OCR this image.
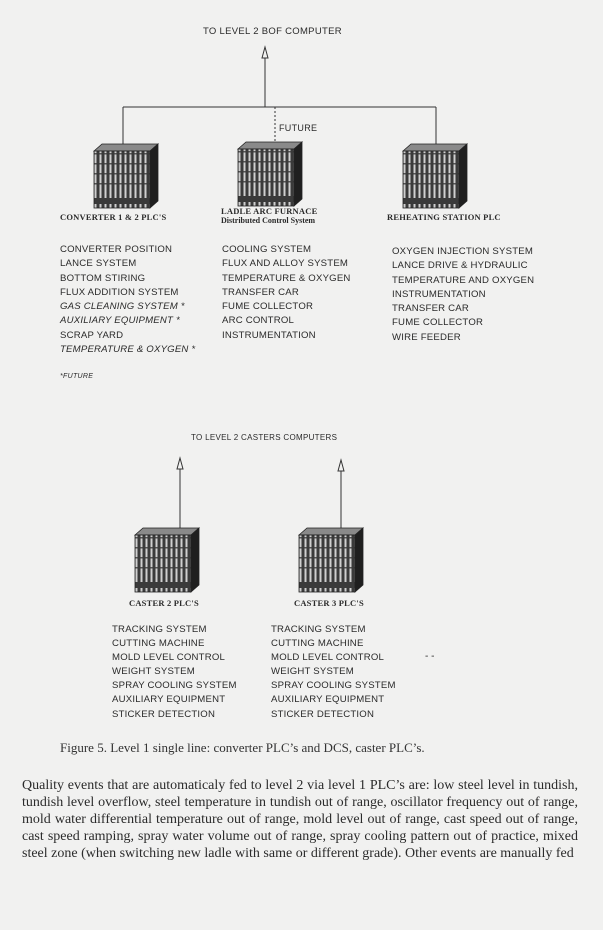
TO LEVEL 2 BOF COMPUTER
FUTURE
CONVERTER 1 & 2 PLC'S
LADLE ARC FURNACE
Distributed Control System	REHEATING STATION PLC
CONVERTER POSITION
LANCE SYSTEM
BOTTOM STIRING
FLUX ADDITION SYSTEM
GAS CLEANING SYSTEM *
AUXILIARY EQUIPMENT *
SCRAP YARD
TEMPERATURE & OXYGEN *
COOLING SYSTEM
FLUX AND ALLOY SYSTEM
TEMPERATURE & OXYGEN
TRANSFER CAR
FUME COLLECTOR
ARC CONTROL
INSTRUMENTATION
OXYGEN INJECTION SYSTEM
LANCE DRIVE & HYDRAULIC
TEMPERATURE AND OXYGEN
INSTRUMENTATION
TRANSFER CAR
FUME COLLECTOR
WIRE FEEDER
*FUTURE
TO LEVEL 2 CASTERS COMPUTERS
CASTER 2 PLC'S	CASTER 3 PLC'S
TRACKING SYSTEM
CUTTING MACHINE
MOLD LEVEL CONTROL
WEIGHT SYSTEM
SPRAY COOLING SYSTEM
AUXILIARY EQUIPMENT
STICKER DETECTION
TRACKING SYSTEM
CUTTING MACHINE
MOLD LEVEL CONTROL
WEIGHT SYSTEM
SPRAY COOLING SYSTEM
AUXILIARY EQUIPMENT
STICKER DETECTION
- -
Figure 5. Level 1 single line: converter PLC’s and DCS, caster PLC’s.
Quality events that are automaticaly fed to level 2 via level 1 PLC’s are: low steel level in tundish, tundish level overflow, steel temperature in tundish out of range, oscillator frequency out of range, mold water differential temperature out of range, mold level out of range, cast speed out of range, cast speed ramping, spray water volume out of range, spray cooling pattern out of practice, mixed steel zone (when switching new ladle with same or different grade). Other events are manually fed
